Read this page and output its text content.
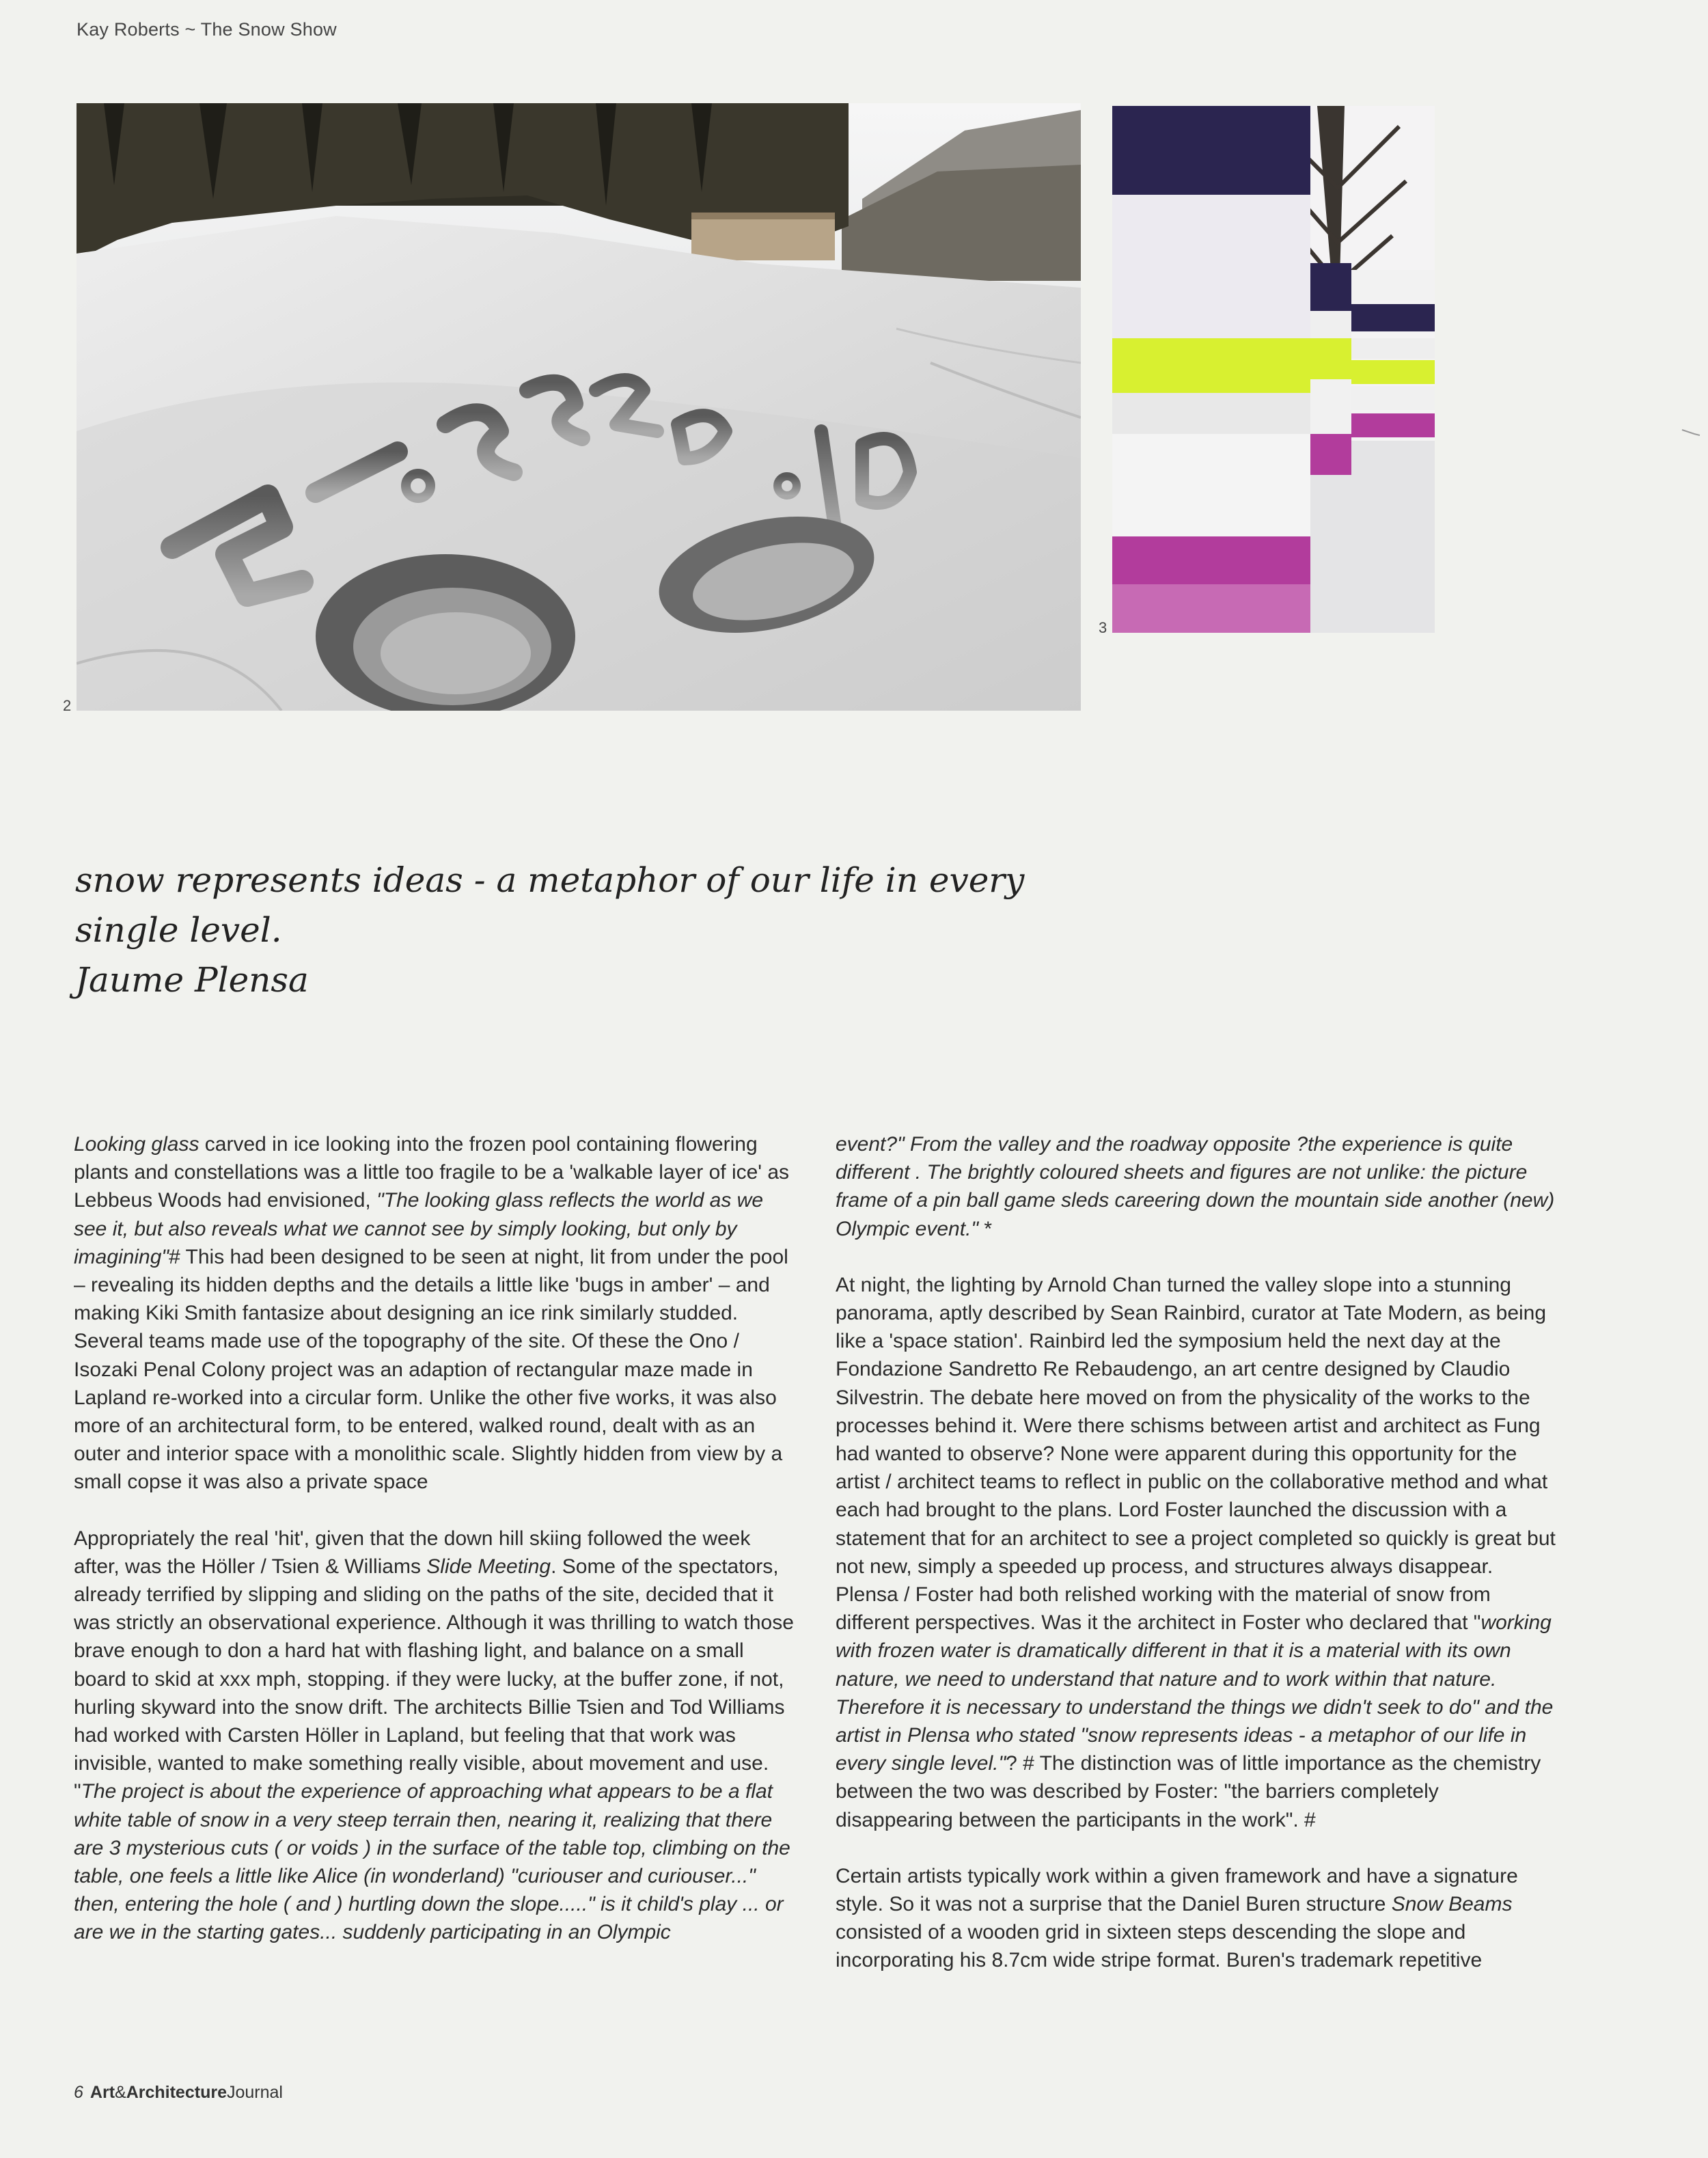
Kay Roberts ~ The Snow Show
2
3
snow represents ideas - a metaphor of our life in every
single level.
Jaume Plensa

Looking glass carved in ice looking into the frozen pool containing flowering plants and constellations was a little too fragile to be a 'walkable layer of ice' as Lebbeus Woods had envisioned, "The looking glass reflects the world as we see it, but also reveals what we cannot see by simply looking, but only by imagining"# This had been designed to be seen at night, lit from under the pool – revealing its hidden depths and the details a little like 'bugs in amber' – and making Kiki Smith fantasize about designing an ice rink similarly studded. Several teams made use of the topography of the site. Of these the Ono / Isozaki Penal Colony project was an adaption of rectangular maze made in Lapland re-worked into a circular form. Unlike the other five works, it was also more of an architectural form, to be entered, walked round, dealt with as an outer and interior space with a monolithic scale. Slightly hidden from view by a small copse it was also a private space

Appropriately the real 'hit', given that the down hill skiing followed the week after, was the Höller / Tsien & Williams Slide Meeting. Some of the spectators, already terrified by slipping and sliding on the paths of the site, decided that it was strictly an observational experience. Although it was thrilling to watch those brave enough to don a hard hat with flashing light, and balance on a small board to skid at xxx mph, stopping. if they were lucky, at the buffer zone, if not, hurling skyward into the snow drift. The architects Billie Tsien and Tod Williams had worked with Carsten Höller in Lapland, but feeling that that work was invisible, wanted to make something really visible, about movement and use. "The project is about the experience of approaching what appears to be a flat white table of snow in a very steep terrain then, nearing it, realizing that there are 3 mysterious cuts ( or voids ) in the surface of the table top, climbing on the table, one feels a little like Alice (in wonderland) "curiouser and curiouser..." then, entering the hole ( and ) hurtling down the slope....." is it child's play ... or are we in the starting gates... suddenly participating in an Olympic

event?" From the valley and the roadway opposite ?the experience is quite different . The brightly coloured sheets and figures are not unlike: the picture frame of a pin ball game sleds careering down the mountain side another (new) Olympic event." *

At night, the lighting by Arnold Chan turned the valley slope into a stunning panorama, aptly described by Sean Rainbird, curator at Tate Modern, as being like a 'space station'. Rainbird led the symposium held the next day at the Fondazione Sandretto Re Rebaudengo, an art centre designed by Claudio Silvestrin. The debate here moved on from the physicality of the works to the processes behind it. Were there schisms between artist and architect as Fung had wanted to observe? None were apparent during this opportunity for the artist / architect teams to reflect in public on the collaborative method and what each had brought to the plans. Lord Foster launched the discussion with a statement that for an architect to see a project completed so quickly is great but not new, simply a speeded up process, and structures always disappear. Plensa / Foster had both relished working with the material of snow from different perspectives. Was it the architect in Foster who declared that "working with frozen water is dramatically different in that it is a material with its own nature, we need to understand that nature and to work within that nature. Therefore it is necessary to understand the things we didn't seek to do" and the artist in Plensa who stated "snow represents ideas - a metaphor of our life in every single level."? # The distinction was of little importance as the chemistry between the two was described by Foster: "the barriers completely disappearing between the participants in the work". #

Certain artists typically work within a given framework and have a signature style. So it was not a surprise that the Daniel Buren structure Snow Beams consisted of a wooden grid in sixteen steps descending the slope and incorporating his 8.7cm wide stripe format. Buren's trademark repetitive

6 Art&ArchitectureJournal
